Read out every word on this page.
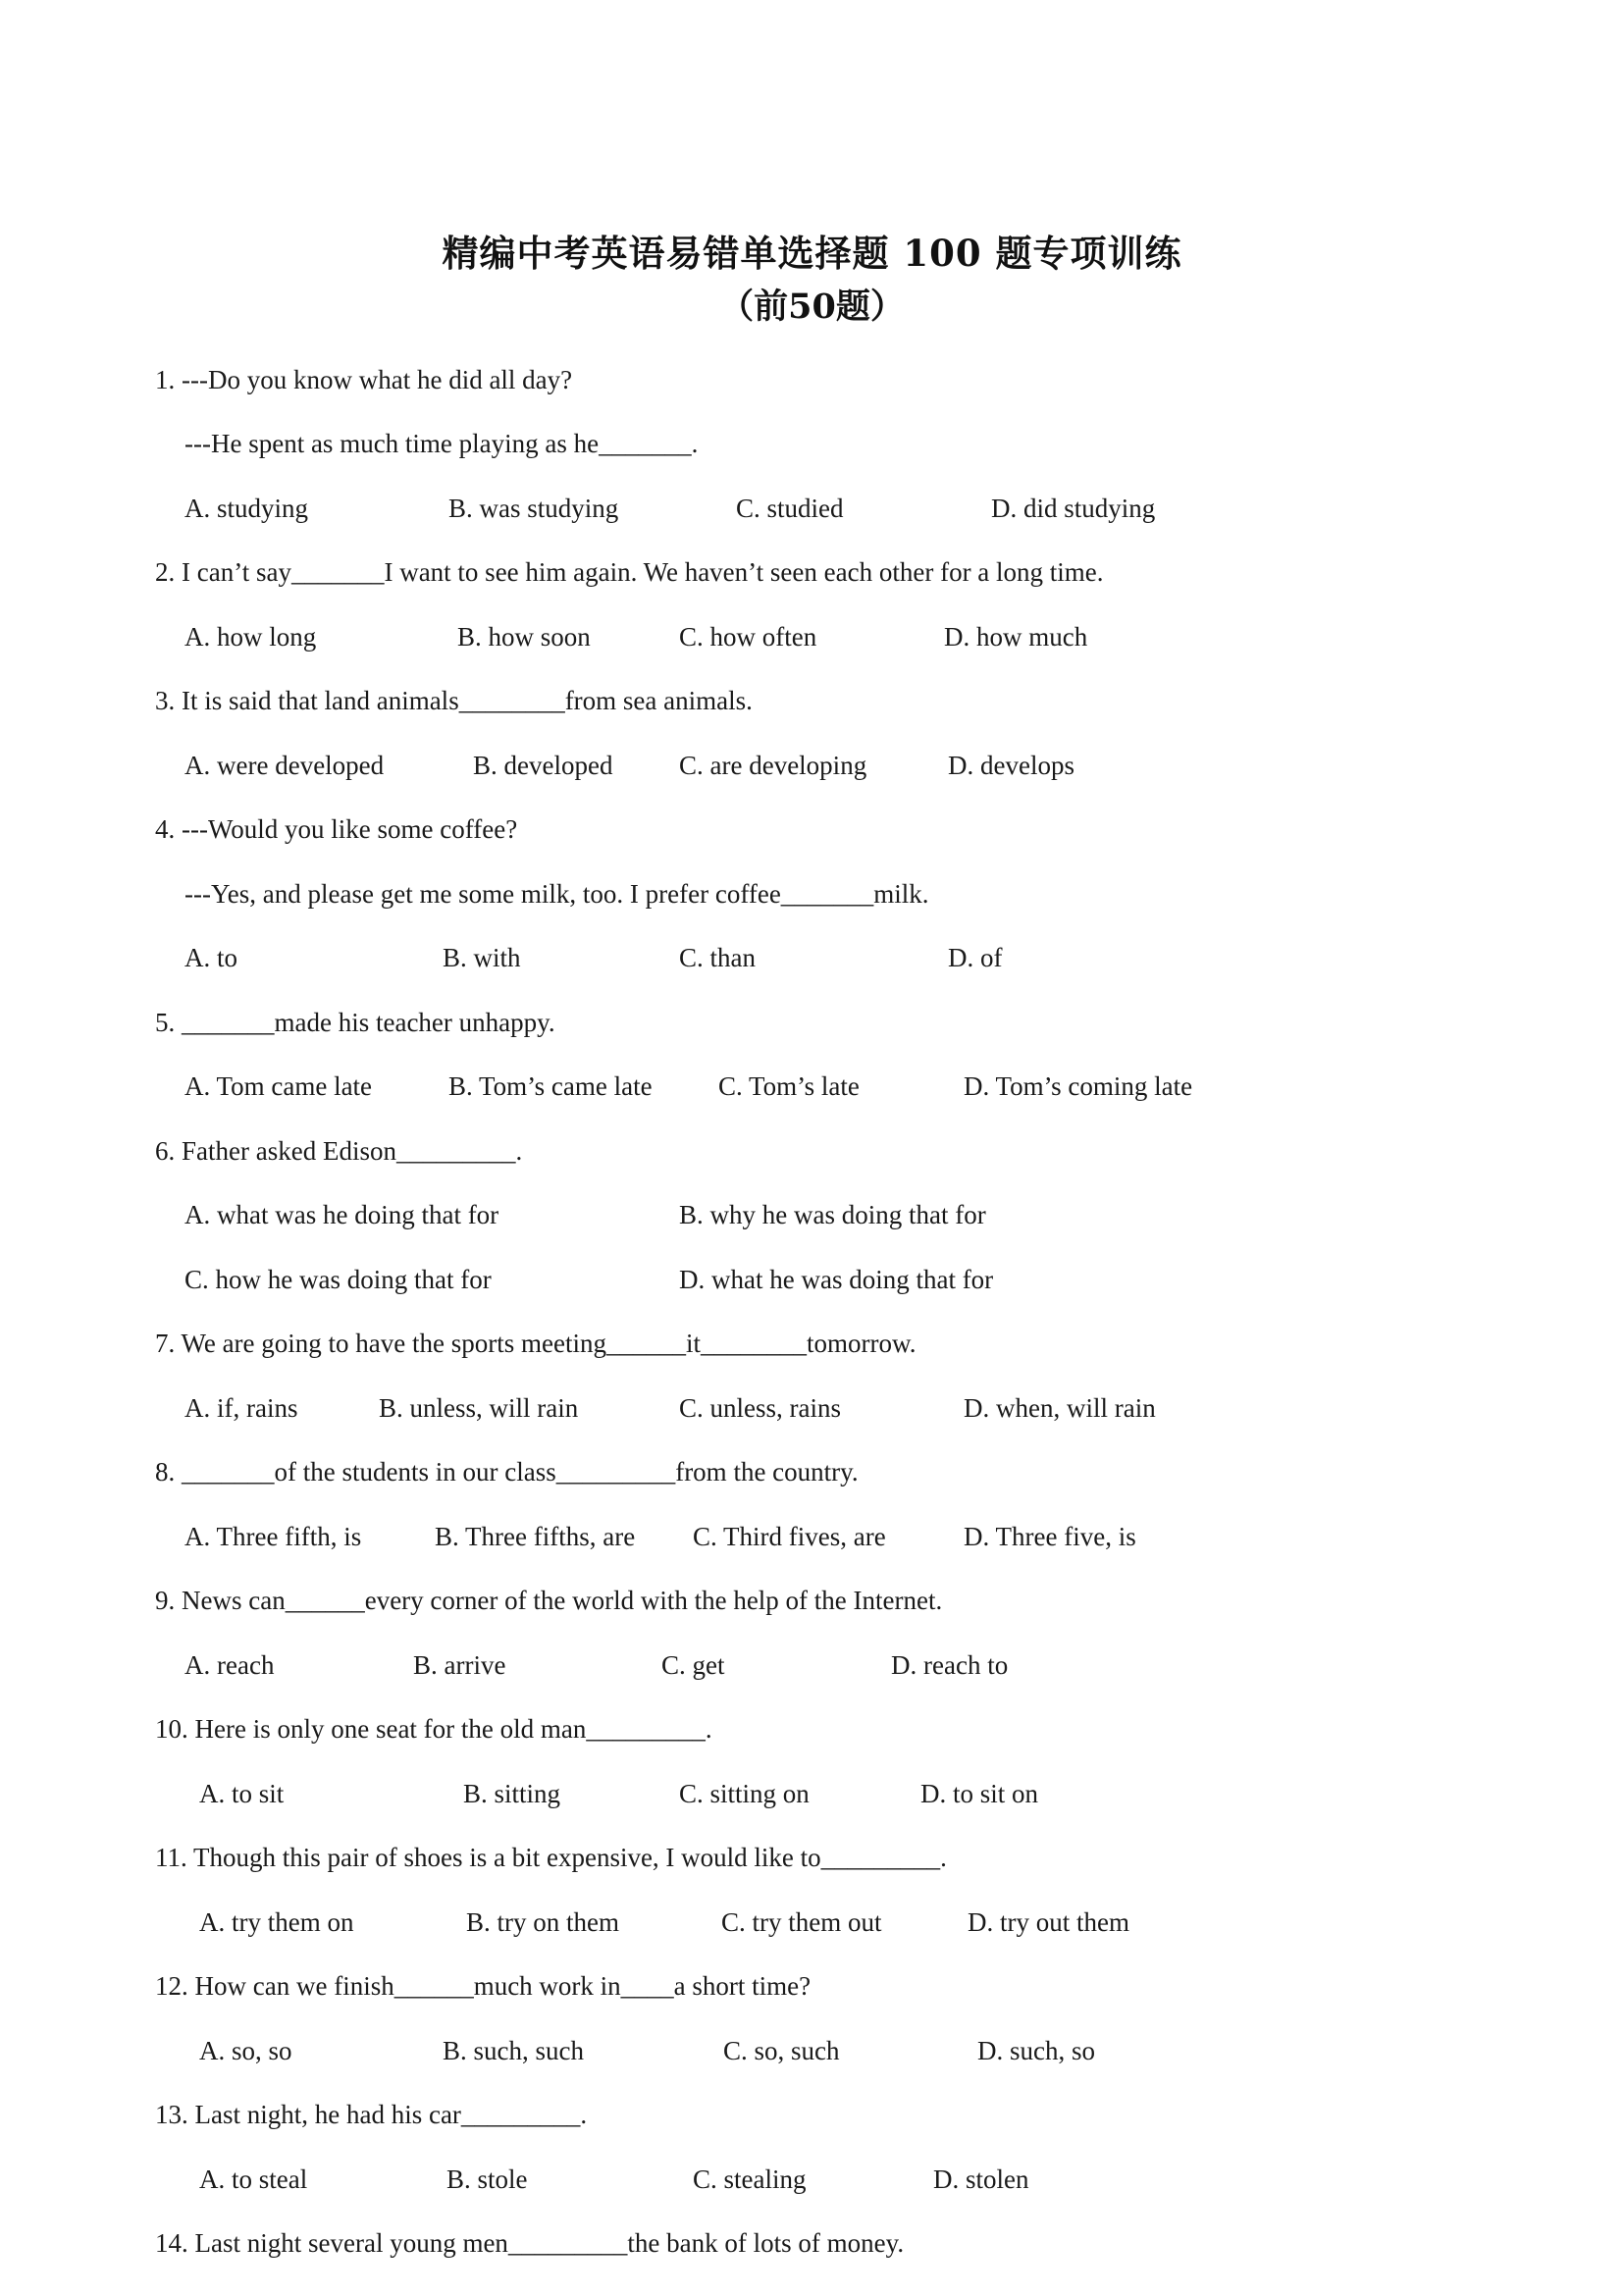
精编中考英语易错单选择题 100 题专项训练
（前50题）
1. ---Do you know what he did all day?
---He spent as much time playing as he_______.
A. studying	B. was studying	C. studied	D. did studying
2. I can’t say_______I want to see him again. We haven’t seen each other for a long time.
A. how long	B. how soon	C. how often	D. how much
3. It is said that land animals________from sea animals.
A. were developed	B. developed	C. are developing	D. develops
4. ---Would you like some coffee?
---Yes, and please get me some milk, too. I prefer coffee_______milk.
A. to	B. with	C. than	D. of
5. _______made his teacher unhappy.
A. Tom came late	B. Tom’s came late C. Tom’s late	D. Tom’s coming late
6. Father asked Edison_________.
A. what was he doing that for	B. why he was doing that for
C. how he was doing that for	D. what he was doing that for
7. We are going to have the sports meeting______it________tomorrow.
A. if, rains	B. unless, will rain	C. unless, rains	D. when, will rain
8. _______of the students in our class_________from the country.
A. Three fifth, is	B. Three fifths, are C. Third fives, are	D. Three five, is
9. News can______every corner of the world with the help of the Internet.
A. reach	B. arrive	C. get	D. reach to
10. Here is only one seat for the old man_________.
A. to sit	B. sitting	C. sitting on	D. to sit on
11. Though this pair of shoes is a bit expensive, I would like to_________.
A. try them on	B. try on them	C. try them out	D. try out them
12. How can we finish______much work in____a short time?
A. so, so	B. such, such	C. so, such	D. such, so
13. Last night, he had his car_________.
A. to steal	B. stole	C. stealing	D. stolen
14. Last night several young men_________the bank of lots of money.
